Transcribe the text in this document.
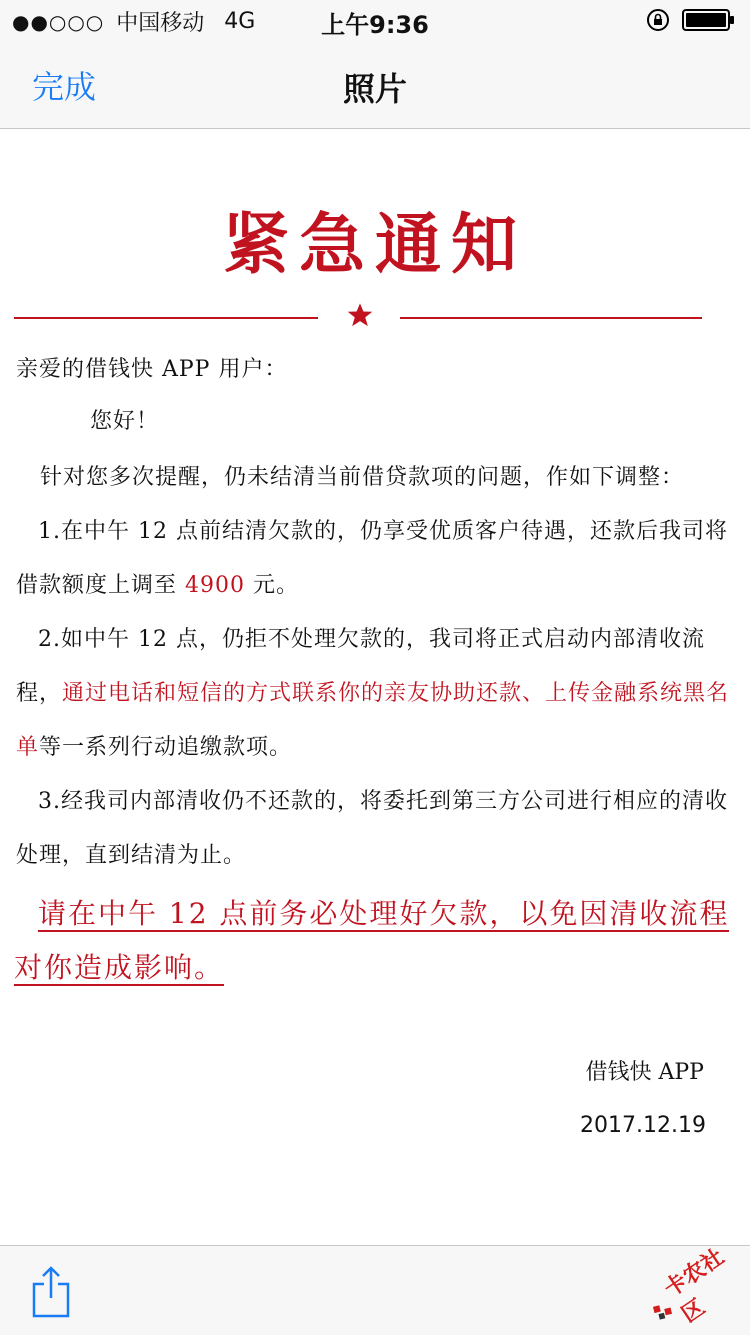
●●○○○ 中国移动 4G	上午9:36
完成	照片
紧急通知
亲爱的借钱快 APP 用户：
您好！
针对您多次提醒，仍未结清当前借贷款项的问题，作如下调整：
1.在中午 12 点前结清欠款的，仍享受优质客户待遇，还款后我司将借款额度上调至 4900 元。
2.如中午 12 点，仍拒不处理欠款的，我司将正式启动内部清收流程，通过电话和短信的方式联系你的亲友协助还款、上传金融系统黑名单等一系列行动追缴款项。
3.经我司内部清收仍不还款的，将委托到第三方公司进行相应的清收处理，直到结清为止。
请在中午 12 点前务必处理好欠款，以免因清收流程对你造成影响。
借钱快 APP
2017.12.19
卡农社区
